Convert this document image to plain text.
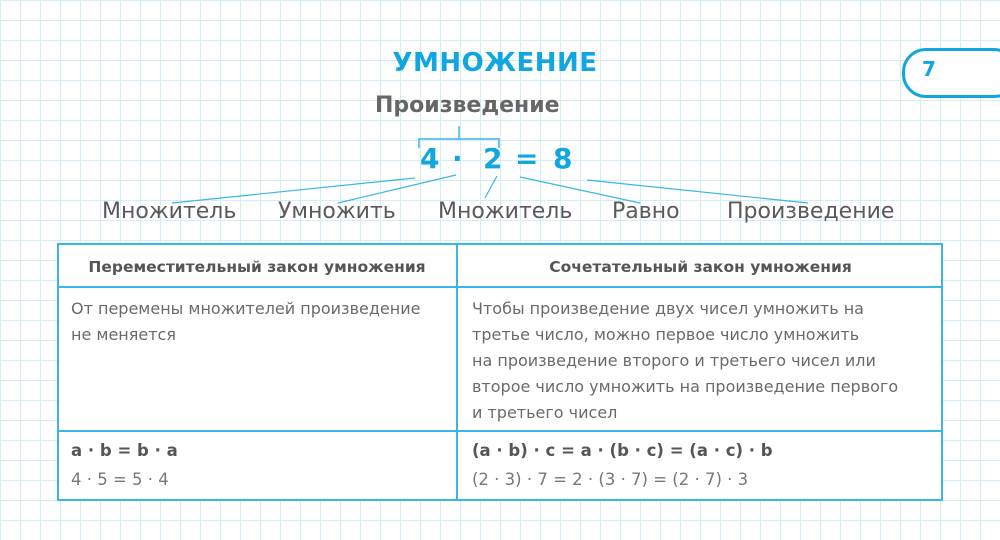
УМНОЖЕНИЕ	7
Произведение
4 · 2 = 8
Множитель Умножить Множитель Равно Произведение
Переместительный закон умножения	Сочетательный закон умножения
От перемены множителей произведение
не меняется
Чтобы произведение двух чисел умножить на
третье число, можно первое число умножить
на произведение второго и третьего чисел или
второе число умножить на произведение первого
и третьего чисел
a · b = b · a
4 · 5 = 5 · 4
(a · b) · c = a · (b · c) = (a · c) · b
(2 · 3) · 7 = 2 · (3 · 7) = (2 · 7) · 3
